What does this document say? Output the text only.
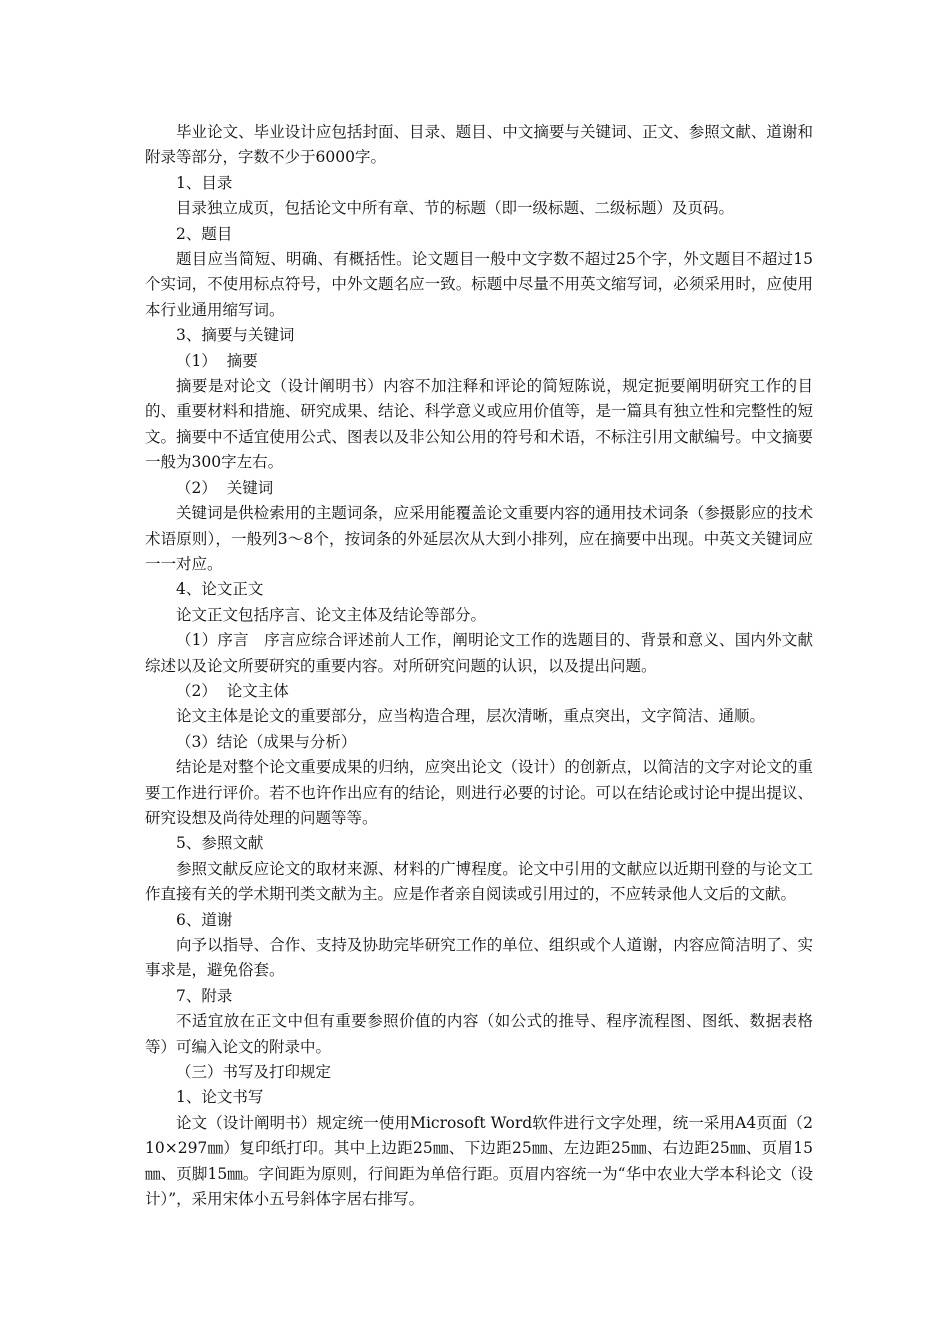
毕业论文、毕业设计应包括封面、目录、题目、中文摘要与关键词、正文、参照文献、道谢和附录等部分，字数不少于6000字。

1、目录

目录独立成页，包括论文中所有章、节的标题（即一级标题、二级标题）及页码。

2、题目

题目应当简短、明确、有概括性。论文题目一般中文字数不超过25个字，外文题目不超过15个实词，不使用标点符号，中外文题名应一致。标题中尽量不用英文缩写词，必须采用时，应使用本行业通用缩写词。

3、摘要与关键词

（1）  摘要

摘要是对论文（设计阐明书）内容不加注释和评论的简短陈说，规定扼要阐明研究工作的目的、重要材料和措施、研究成果、结论、科学意义或应用价值等，是一篇具有独立性和完整性的短文。摘要中不适宜使用公式、图表以及非公知公用的符号和术语，不标注引用文献编号。中文摘要一般为300字左右。

（2）  关键词

关键词是供检索用的主题词条，应采用能覆盖论文重要内容的通用技术词条（参摄影应的技术术语原则），一般列3～8个，按词条的外延层次从大到小排列，应在摘要中出现。中英文关键词应一一对应。

4、论文正文

论文正文包括序言、论文主体及结论等部分。

（1）序言   序言应综合评述前人工作，阐明论文工作的选题目的、背景和意义、国内外文献综述以及论文所要研究的重要内容。对所研究问题的认识，以及提出问题。

（2）  论文主体

论文主体是论文的重要部分，应当构造合理，层次清晰，重点突出，文字简洁、通顺。

（3）结论（成果与分析）

结论是对整个论文重要成果的归纳，应突出论文（设计）的创新点，以简洁的文字对论文的重要工作进行评价。若不也许作出应有的结论，则进行必要的讨论。可以在结论或讨论中提出提议、研究设想及尚待处理的问题等等。

5、参照文献

参照文献反应论文的取材来源、材料的广博程度。论文中引用的文献应以近期刊登的与论文工作直接有关的学术期刊类文献为主。应是作者亲自阅读或引用过的，不应转录他人文后的文献。

6、道谢

向予以指导、合作、支持及协助完毕研究工作的单位、组织或个人道谢，内容应简洁明了、实事求是，避免俗套。

7、附录

不适宜放在正文中但有重要参照价值的内容（如公式的推导、程序流程图、图纸、数据表格等）可编入论文的附录中。

（三）书写及打印规定

1、论文书写

论文（设计阐明书）规定统一使用Microsoft Word软件进行文字处理，统一采用A4页面（210×297㎜）复印纸打印。其中上边距25㎜、下边距25㎜、左边距25㎜、右边距25㎜、页眉15㎜、页脚15㎜。字间距为原则，行间距为单倍行距。页眉内容统一为“华中农业大学本科论文（设计）”，采用宋体小五号斜体字居右排写。
